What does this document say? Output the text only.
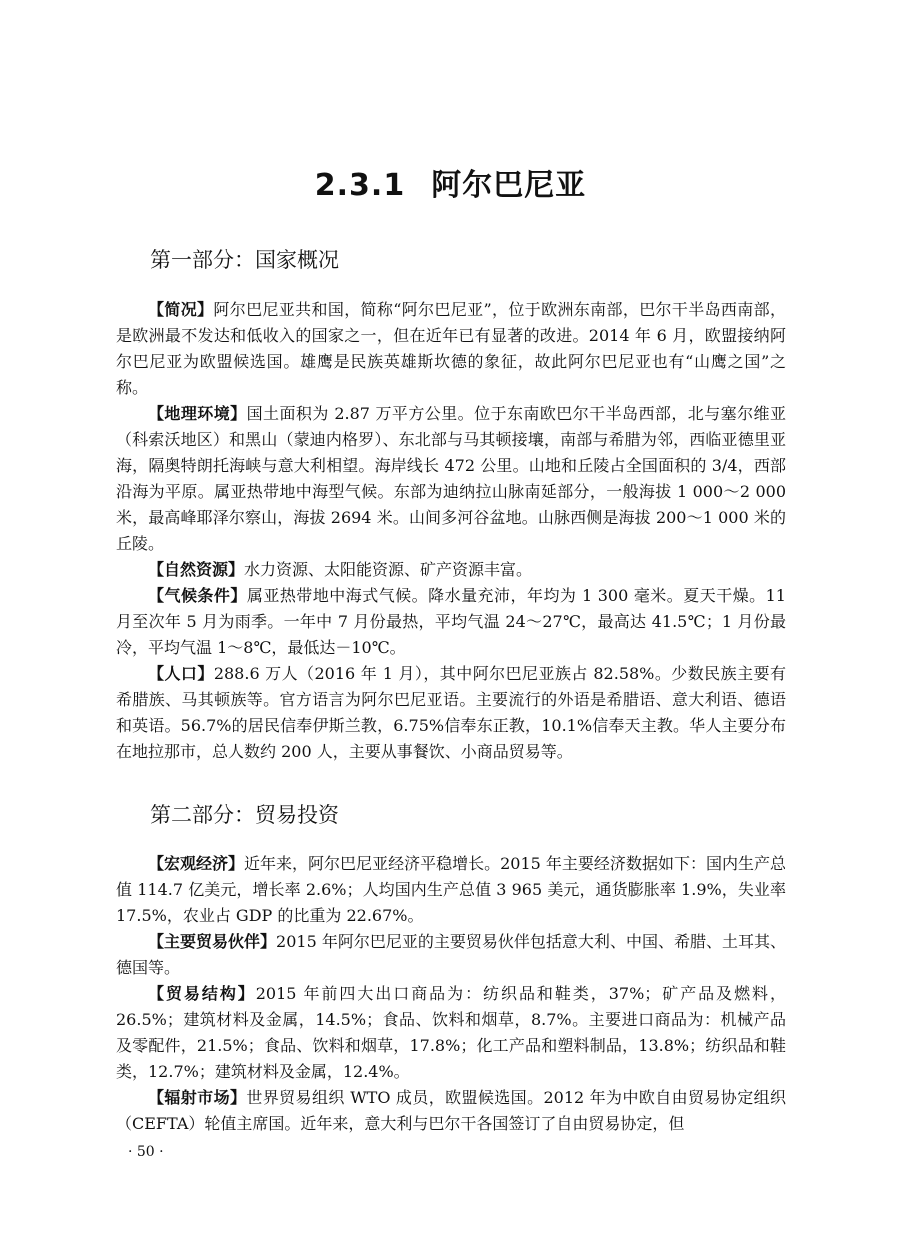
2.3.1 阿尔巴尼亚
第一部分：国家概况

【简况】阿尔巴尼亚共和国，简称“阿尔巴尼亚”，位于欧洲东南部，巴尔干半岛西南部，是欧洲最不发达和低收入的国家之一，但在近年已有显著的改进。2014 年 6 月，欧盟接纳阿尔巴尼亚为欧盟候选国。雄鹰是民族英雄斯坎德的象征，故此阿尔巴尼亚也有“山鹰之国”之称。

【地理环境】国土面积为 2.87 万平方公里。位于东南欧巴尔干半岛西部，北与塞尔维亚（科索沃地区）和黑山（蒙迪内格罗）、东北部与马其顿接壤，南部与希腊为邻，西临亚德里亚海，隔奥特朗托海峡与意大利相望。海岸线长 472 公里。山地和丘陵占全国面积的 3/4，西部沿海为平原。属亚热带地中海型气候。东部为迪纳拉山脉南延部分，一般海拔 1 000～2 000 米，最高峰耶泽尔察山，海拔 2694 米。山间多河谷盆地。山脉西侧是海拔 200～1 000 米的丘陵。

【自然资源】水力资源、太阳能资源、矿产资源丰富。

【气候条件】属亚热带地中海式气候。降水量充沛，年均为 1 300 毫米。夏天干燥。11 月至次年 5 月为雨季。一年中 7 月份最热，平均气温 24～27℃，最高达 41.5℃；1 月份最冷，平均气温 1～8℃，最低达－10℃。

【人口】288.6 万人（2016 年 1 月），其中阿尔巴尼亚族占 82.58%。少数民族主要有希腊族、马其顿族等。官方语言为阿尔巴尼亚语。主要流行的外语是希腊语、意大利语、德语和英语。56.7%的居民信奉伊斯兰教，6.75%信奉东正教，10.1%信奉天主教。华人主要分布在地拉那市，总人数约 200 人，主要从事餐饮、小商品贸易等。

第二部分：贸易投资

【宏观经济】近年来，阿尔巴尼亚经济平稳增长。2015 年主要经济数据如下：国内生产总值 114.7 亿美元，增长率 2.6%；人均国内生产总值 3 965 美元，通货膨胀率 1.9%，失业率 17.5%，农业占 GDP 的比重为 22.67%。

【主要贸易伙伴】2015 年阿尔巴尼亚的主要贸易伙伴包括意大利、中国、希腊、土耳其、德国等。

【贸易结构】2015 年前四大出口商品为：纺织品和鞋类，37%；矿产品及燃料，26.5%；建筑材料及金属，14.5%；食品、饮料和烟草，8.7%。主要进口商品为：机械产品及零配件，21.5%；食品、饮料和烟草，17.8%；化工产品和塑料制品，13.8%；纺织品和鞋类，12.7%；建筑材料及金属，12.4%。

【辐射市场】世界贸易组织 WTO 成员，欧盟候选国。2012 年为中欧自由贸易协定组织（CEFTA）轮值主席国。近年来，意大利与巴尔干各国签订了自由贸易协定，但

· 50 ·
